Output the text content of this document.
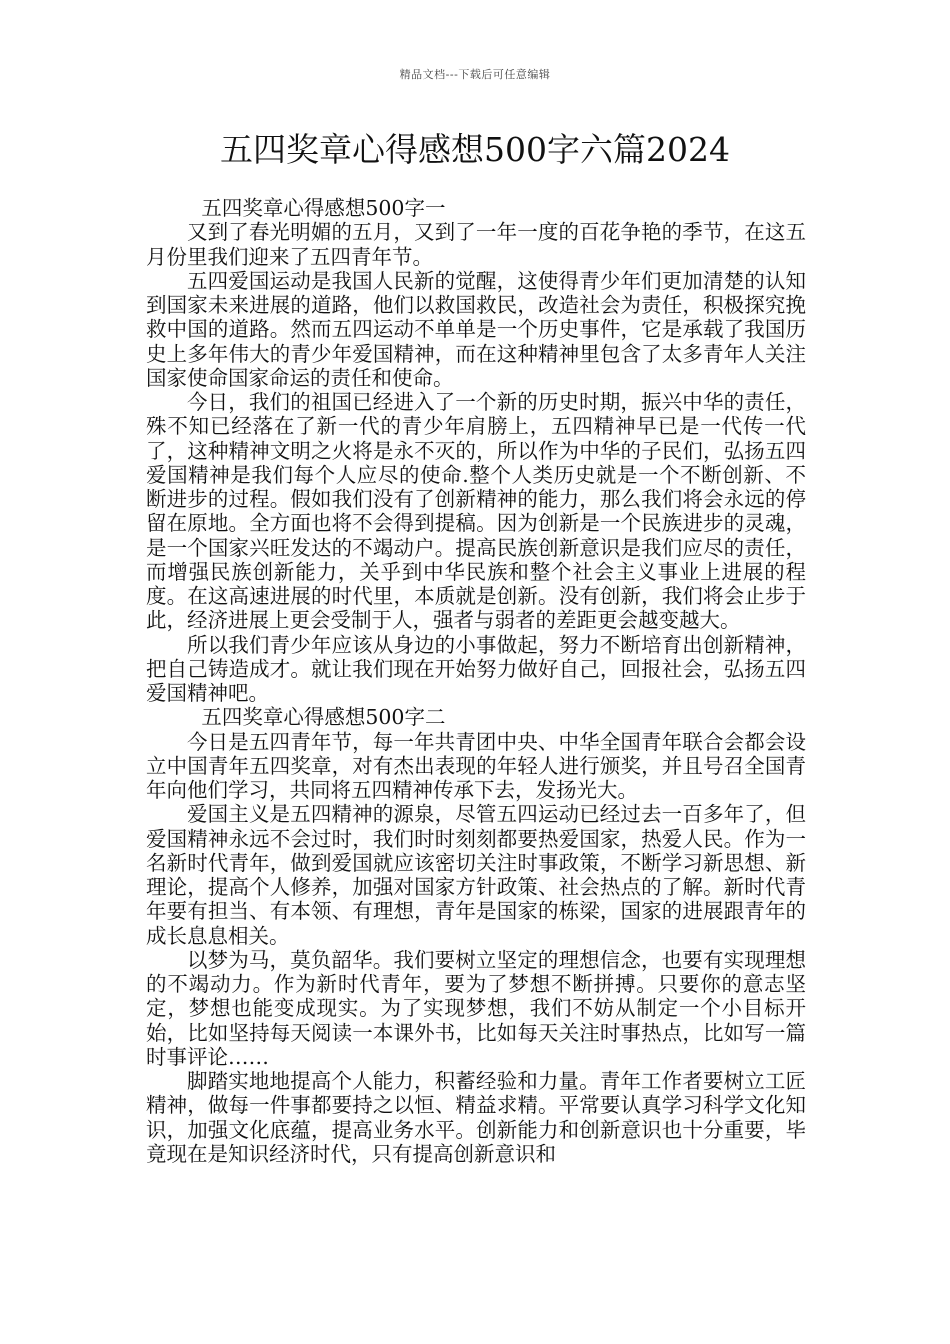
精品文档---下载后可任意编辑
五四奖章心得感想500字六篇2024

五四奖章心得感想500字一

又到了春光明媚的五月，又到了一年一度的百花争艳的季节，在这五月份里我们迎来了五四青年节。

五四爱国运动是我国人民新的觉醒，这使得青少年们更加清楚的认知到国家未来进展的道路，他们以救国救民，改造社会为责任，积极探究挽救中国的道路。然而五四运动不单单是一个历史事件，它是承载了我国历史上多年伟大的青少年爱国精神，而在这种精神里包含了太多青年人关注国家使命国家命运的责任和使命。

今日，我们的祖国已经进入了一个新的历史时期，振兴中华的责任，殊不知已经落在了新一代的青少年肩膀上，五四精神早已是一代传一代了，这种精神文明之火将是永不灭的，所以作为中华的子民们，弘扬五四爱国精神是我们每个人应尽的使命.整个人类历史就是一个不断创新、不断进步的过程。假如我们没有了创新精神的能力，那么我们将会永远的停留在原地。全方面也将不会得到提稿。因为创新是一个民族进步的灵魂，是一个国家兴旺发达的不竭动户。提高民族创新意识是我们应尽的责任，而增强民族创新能力，关乎到中华民族和整个社会主义事业上进展的程度。在这高速进展的时代里，本质就是创新。没有创新，我们将会止步于此，经济进展上更会受制于人，强者与弱者的差距更会越变越大。

所以我们青少年应该从身边的小事做起，努力不断培育出创新精神，把自己铸造成才。就让我们现在开始努力做好自己，回报社会，弘扬五四爱国精神吧。

五四奖章心得感想500字二

今日是五四青年节，每一年共青团中央、中华全国青年联合会都会设立中国青年五四奖章，对有杰出表现的年轻人进行颁奖，并且号召全国青年向他们学习，共同将五四精神传承下去，发扬光大。

爱国主义是五四精神的源泉，尽管五四运动已经过去一百多年了，但爱国精神永远不会过时，我们时时刻刻都要热爱国家，热爱人民。作为一名新时代青年，做到爱国就应该密切关注时事政策，不断学习新思想、新理论，提高个人修养，加强对国家方针政策、社会热点的了解。新时代青年要有担当、有本领、有理想，青年是国家的栋梁，国家的进展跟青年的成长息息相关。

以梦为马，莫负韶华。我们要树立坚定的理想信念，也要有实现理想的不竭动力。作为新时代青年，要为了梦想不断拼搏。只要你的意志坚定，梦想也能变成现实。为了实现梦想，我们不妨从制定一个小目标开始，比如坚持每天阅读一本课外书，比如每天关注时事热点，比如写一篇时事评论……

脚踏实地地提高个人能力，积蓄经验和力量。青年工作者要树立工匠精神，做每一件事都要持之以恒、精益求精。平常要认真学习科学文化知识，加强文化底蕴，提高业务水平。创新能力和创新意识也十分重要，毕竟现在是知识经济时代，只有提高创新意识和
